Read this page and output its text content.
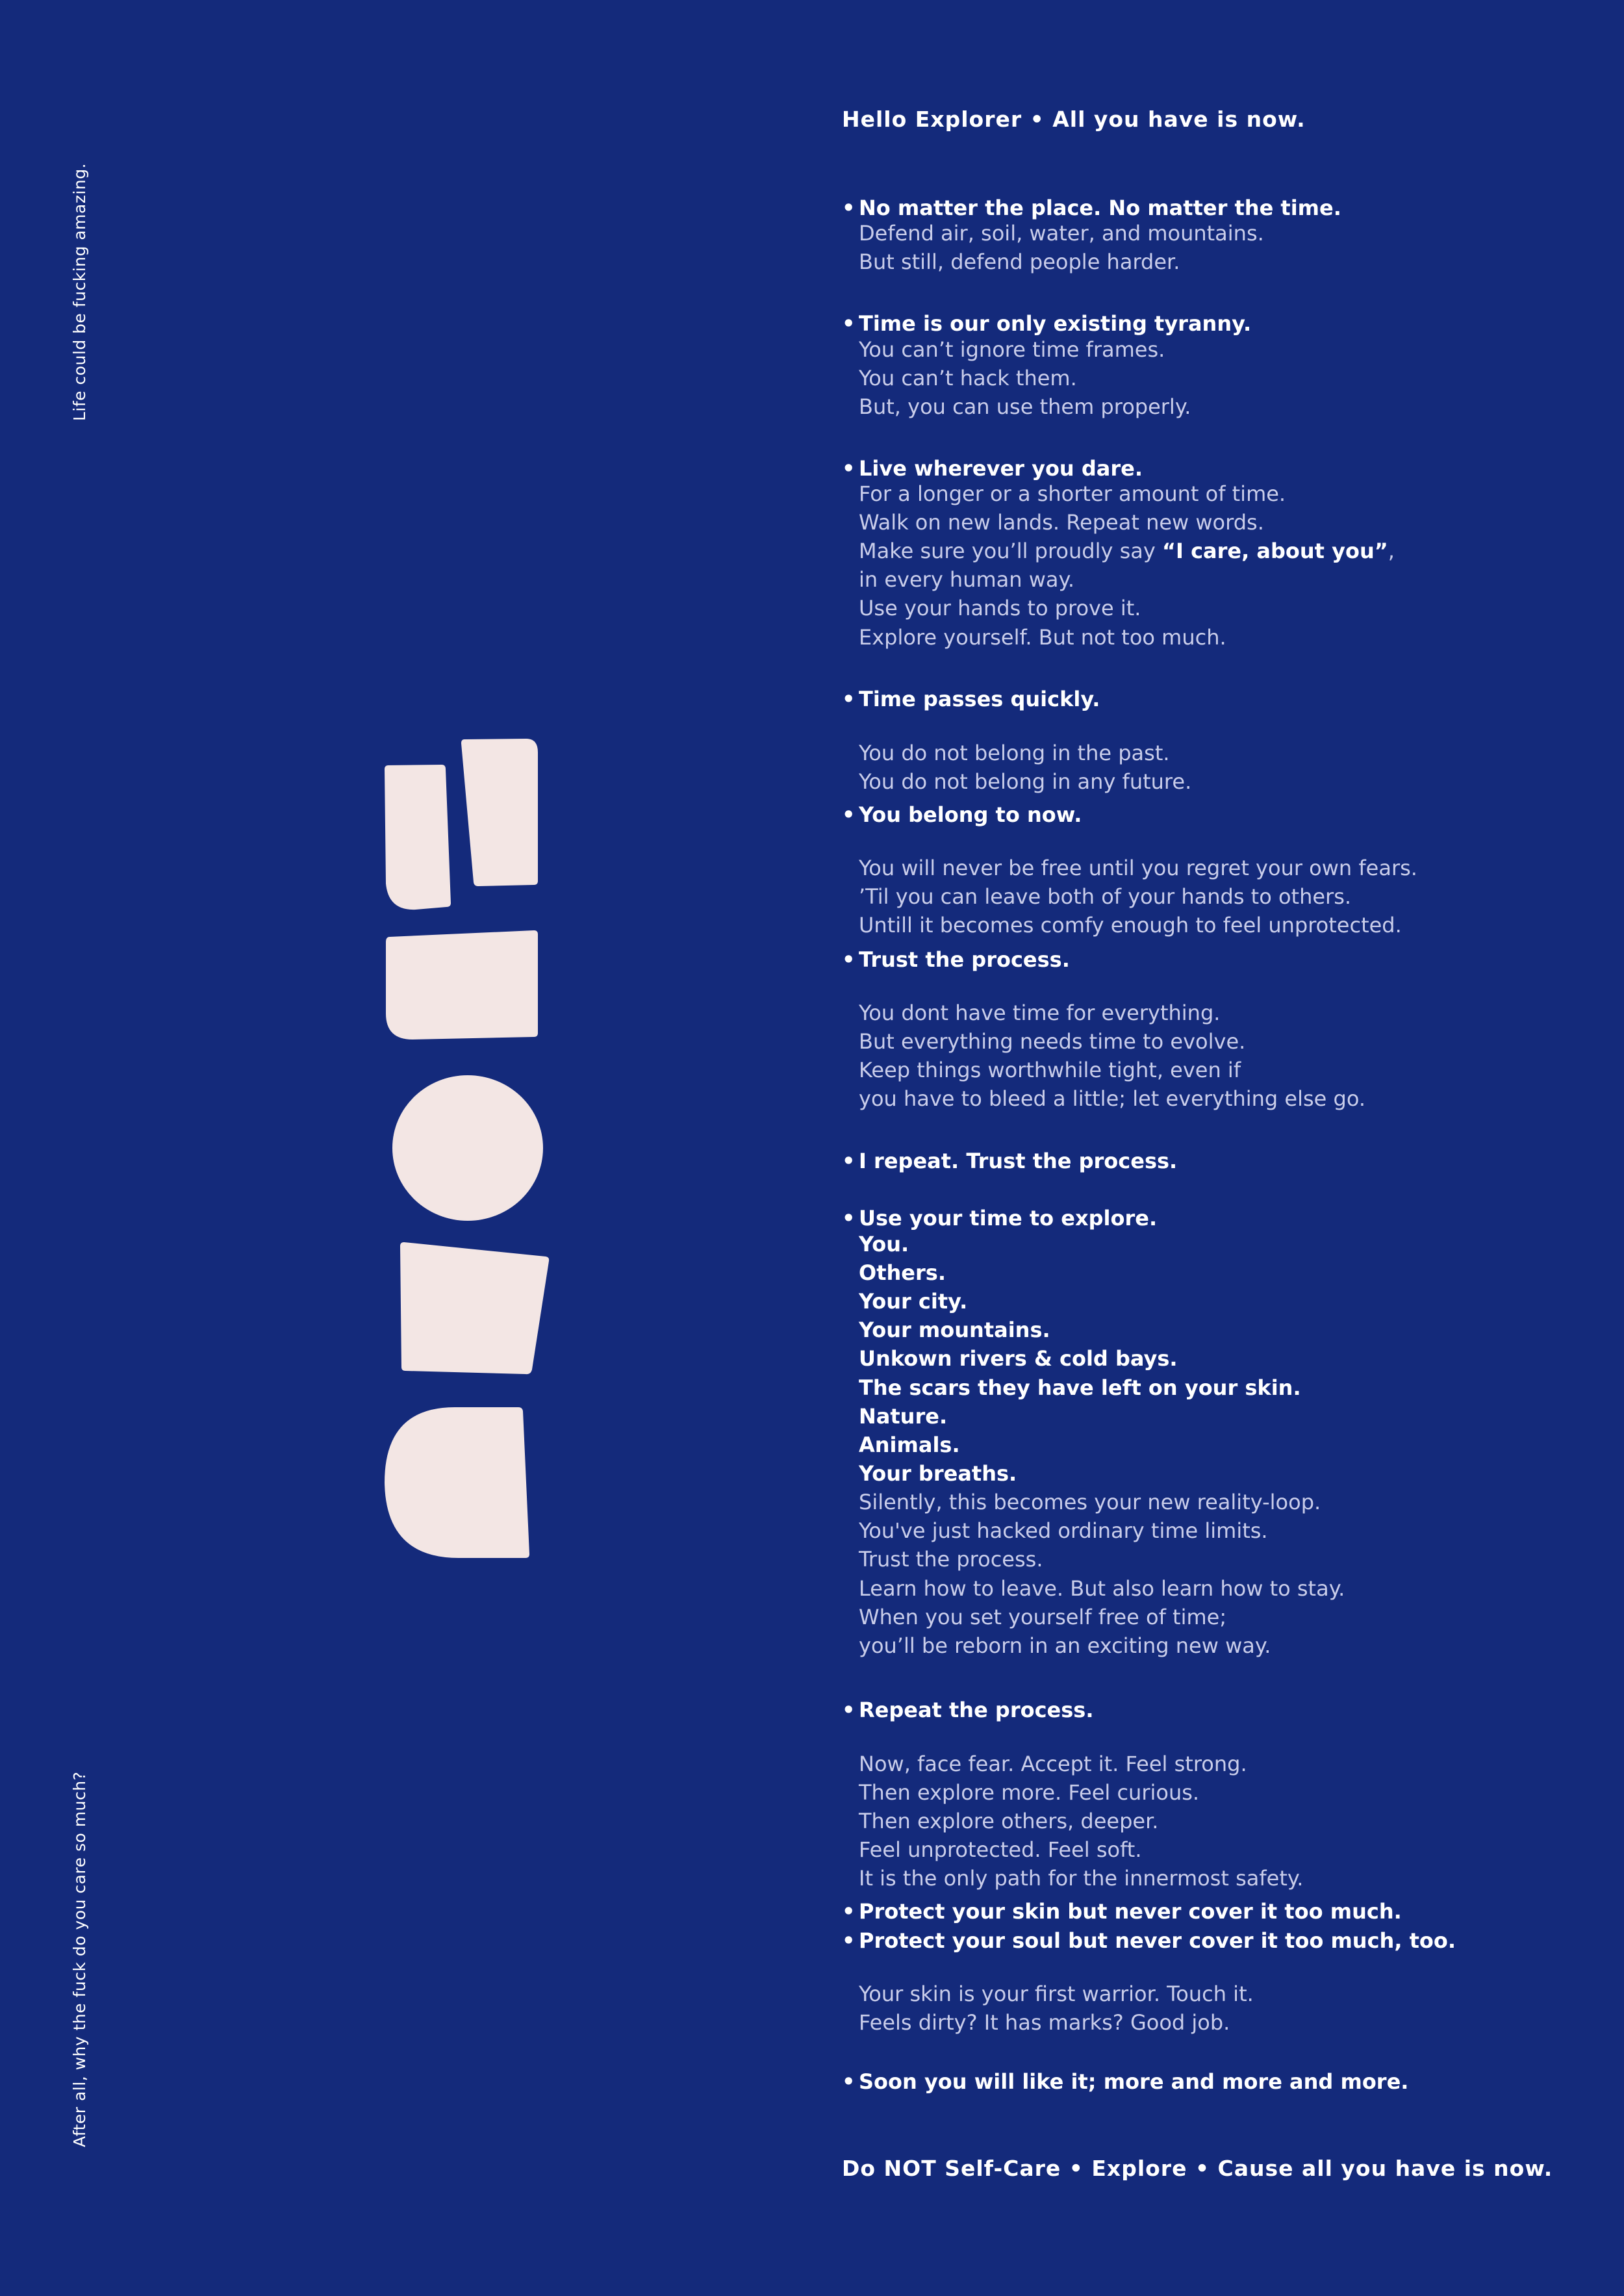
Life could be fucking amazing.
After all, why the fuck do you care so much?
Hello Explorer • All you have is now.
• No matter the place. No matter the time.
Defend air, soil, water, and mountains.
But still, defend people harder.
• Time is our only existing tyranny.
You can’t ignore time frames.
You can’t hack them.
But, you can use them properly.
• Live wherever you dare.
For a longer or a shorter amount of time.
Walk on new lands. Repeat new words.
Make sure you’ll proudly say “I care, about you”,
in every human way.
Use your hands to prove it.
Explore yourself. But not too much.
• Time passes quickly.
You do not belong in the past.
You do not belong in any future.
• You belong to now.
You will never be free until you regret your own fears.
’Til you can leave both of your hands to others.
Untill it becomes comfy enough to feel unprotected.
• Trust the process.
You dont have time for everything.
But everything needs time to evolve.
Keep things worthwhile tight, even if
you have to bleed a little; let everything else go.
• I repeat. Trust the process.
• Use your time to explore.
You.
Others.
Your city.
Your mountains.
Unkown rivers & cold bays.
The scars they have left on your skin.
Nature.
Animals.
Your breaths.
Silently, this becomes your new reality-loop.
You've just hacked ordinary time limits.
Trust the process.
Learn how to leave. But also learn how to stay.
When you set yourself free of time;
you’ll be reborn in an exciting new way.
• Repeat the process.
Now, face fear. Accept it. Feel strong.
Then explore more. Feel curious.
Then explore others, deeper.
Feel unprotected. Feel soft.
It is the only path for the innermost safety.
• Protect your skin but never cover it too much.
• Protect your soul but never cover it too much, too.
Your skin is your first warrior. Touch it.
Feels dirty? It has marks? Good job.
• Soon you will like it; more and more and more.
Do NOT Self-Care • Explore • Cause all you have is now.
